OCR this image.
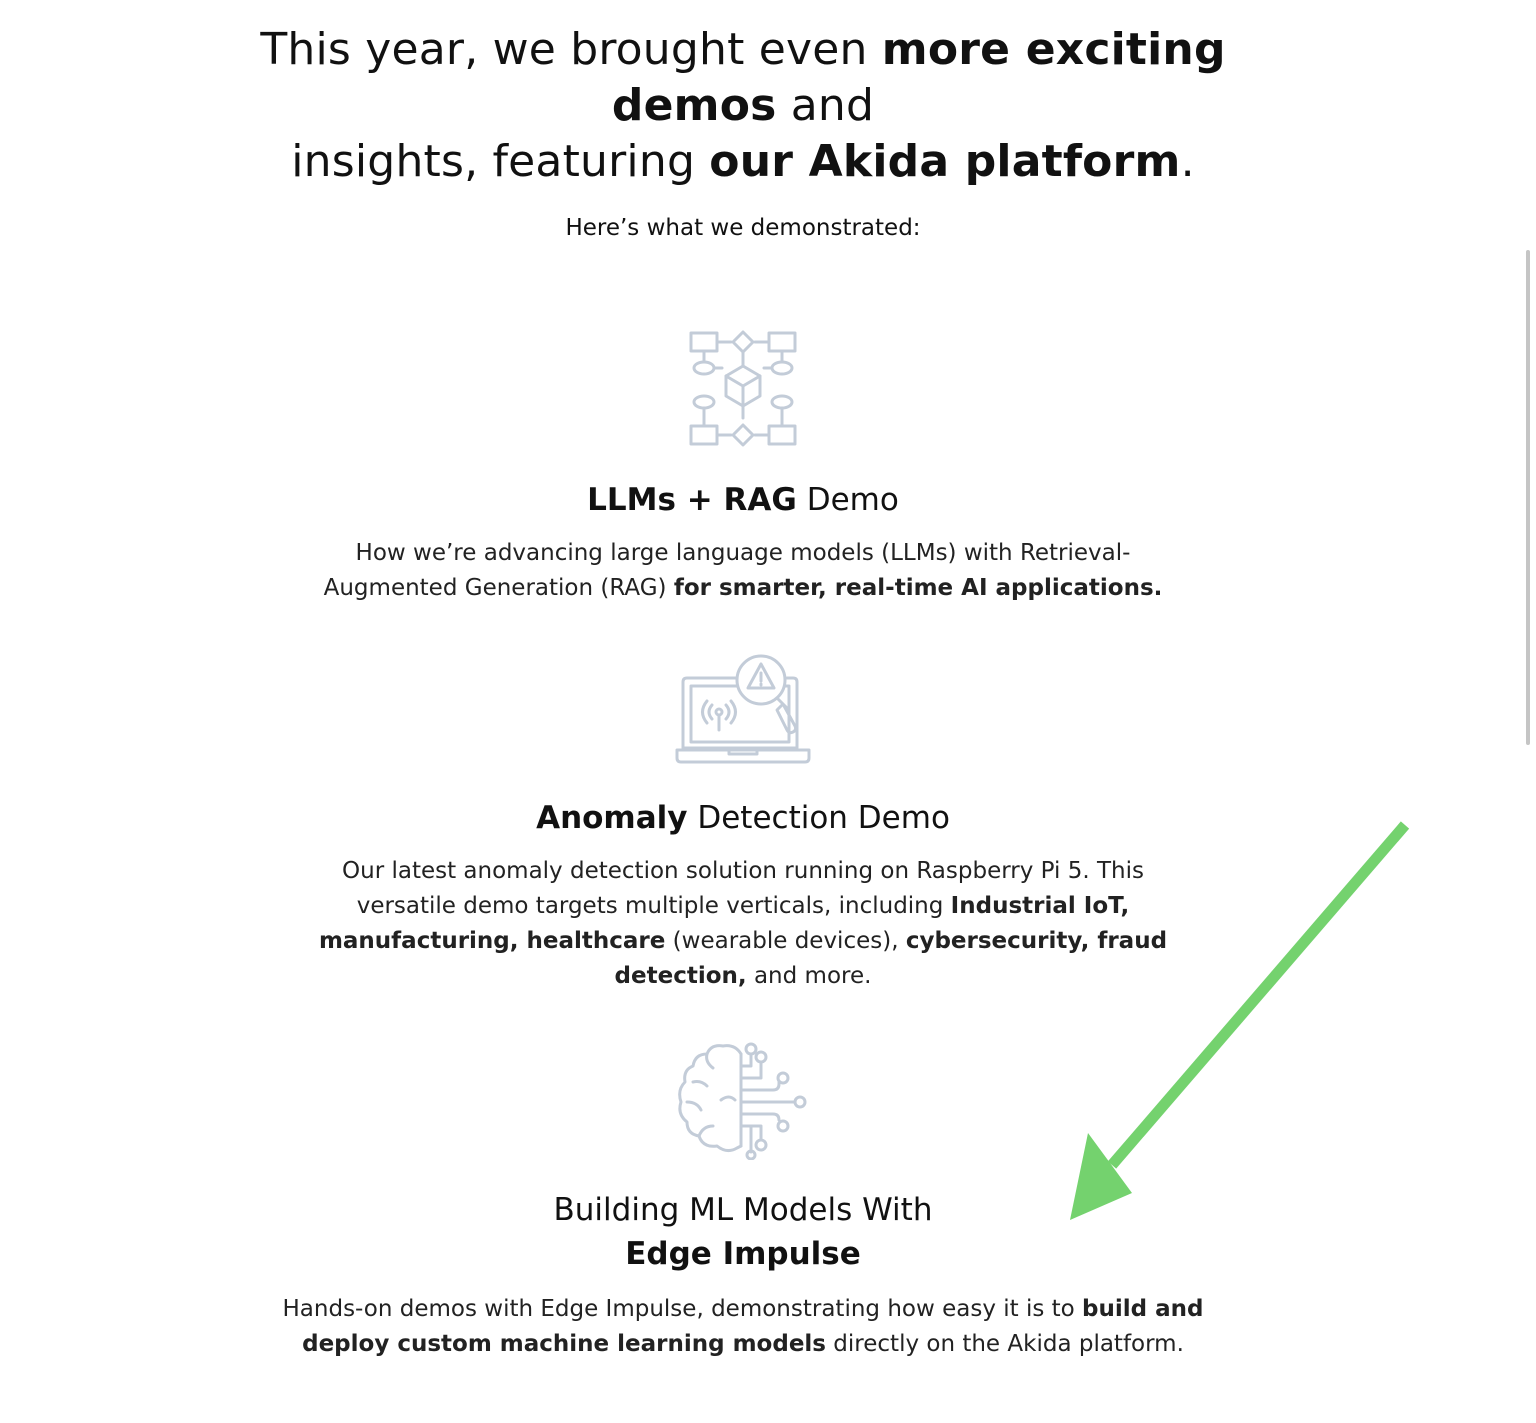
This year, we brought even more exciting
demos and
insights, featuring our Akida platform.

Here’s what we demonstrated:

LLMs + RAG Demo

How we’re advancing large language models (LLMs) with Retrieval-Augmented Generation (RAG) for smarter, real-time AI applications.

Anomaly Detection Demo

Our latest anomaly detection solution running on Raspberry Pi 5. This versatile demo targets multiple verticals, including Industrial IoT, manufacturing, healthcare (wearable devices), cybersecurity, fraud detection, and more.

Building ML Models With
Edge Impulse

Hands-on demos with Edge Impulse, demonstrating how easy it is to build and deploy custom machine learning models directly on the Akida platform.
